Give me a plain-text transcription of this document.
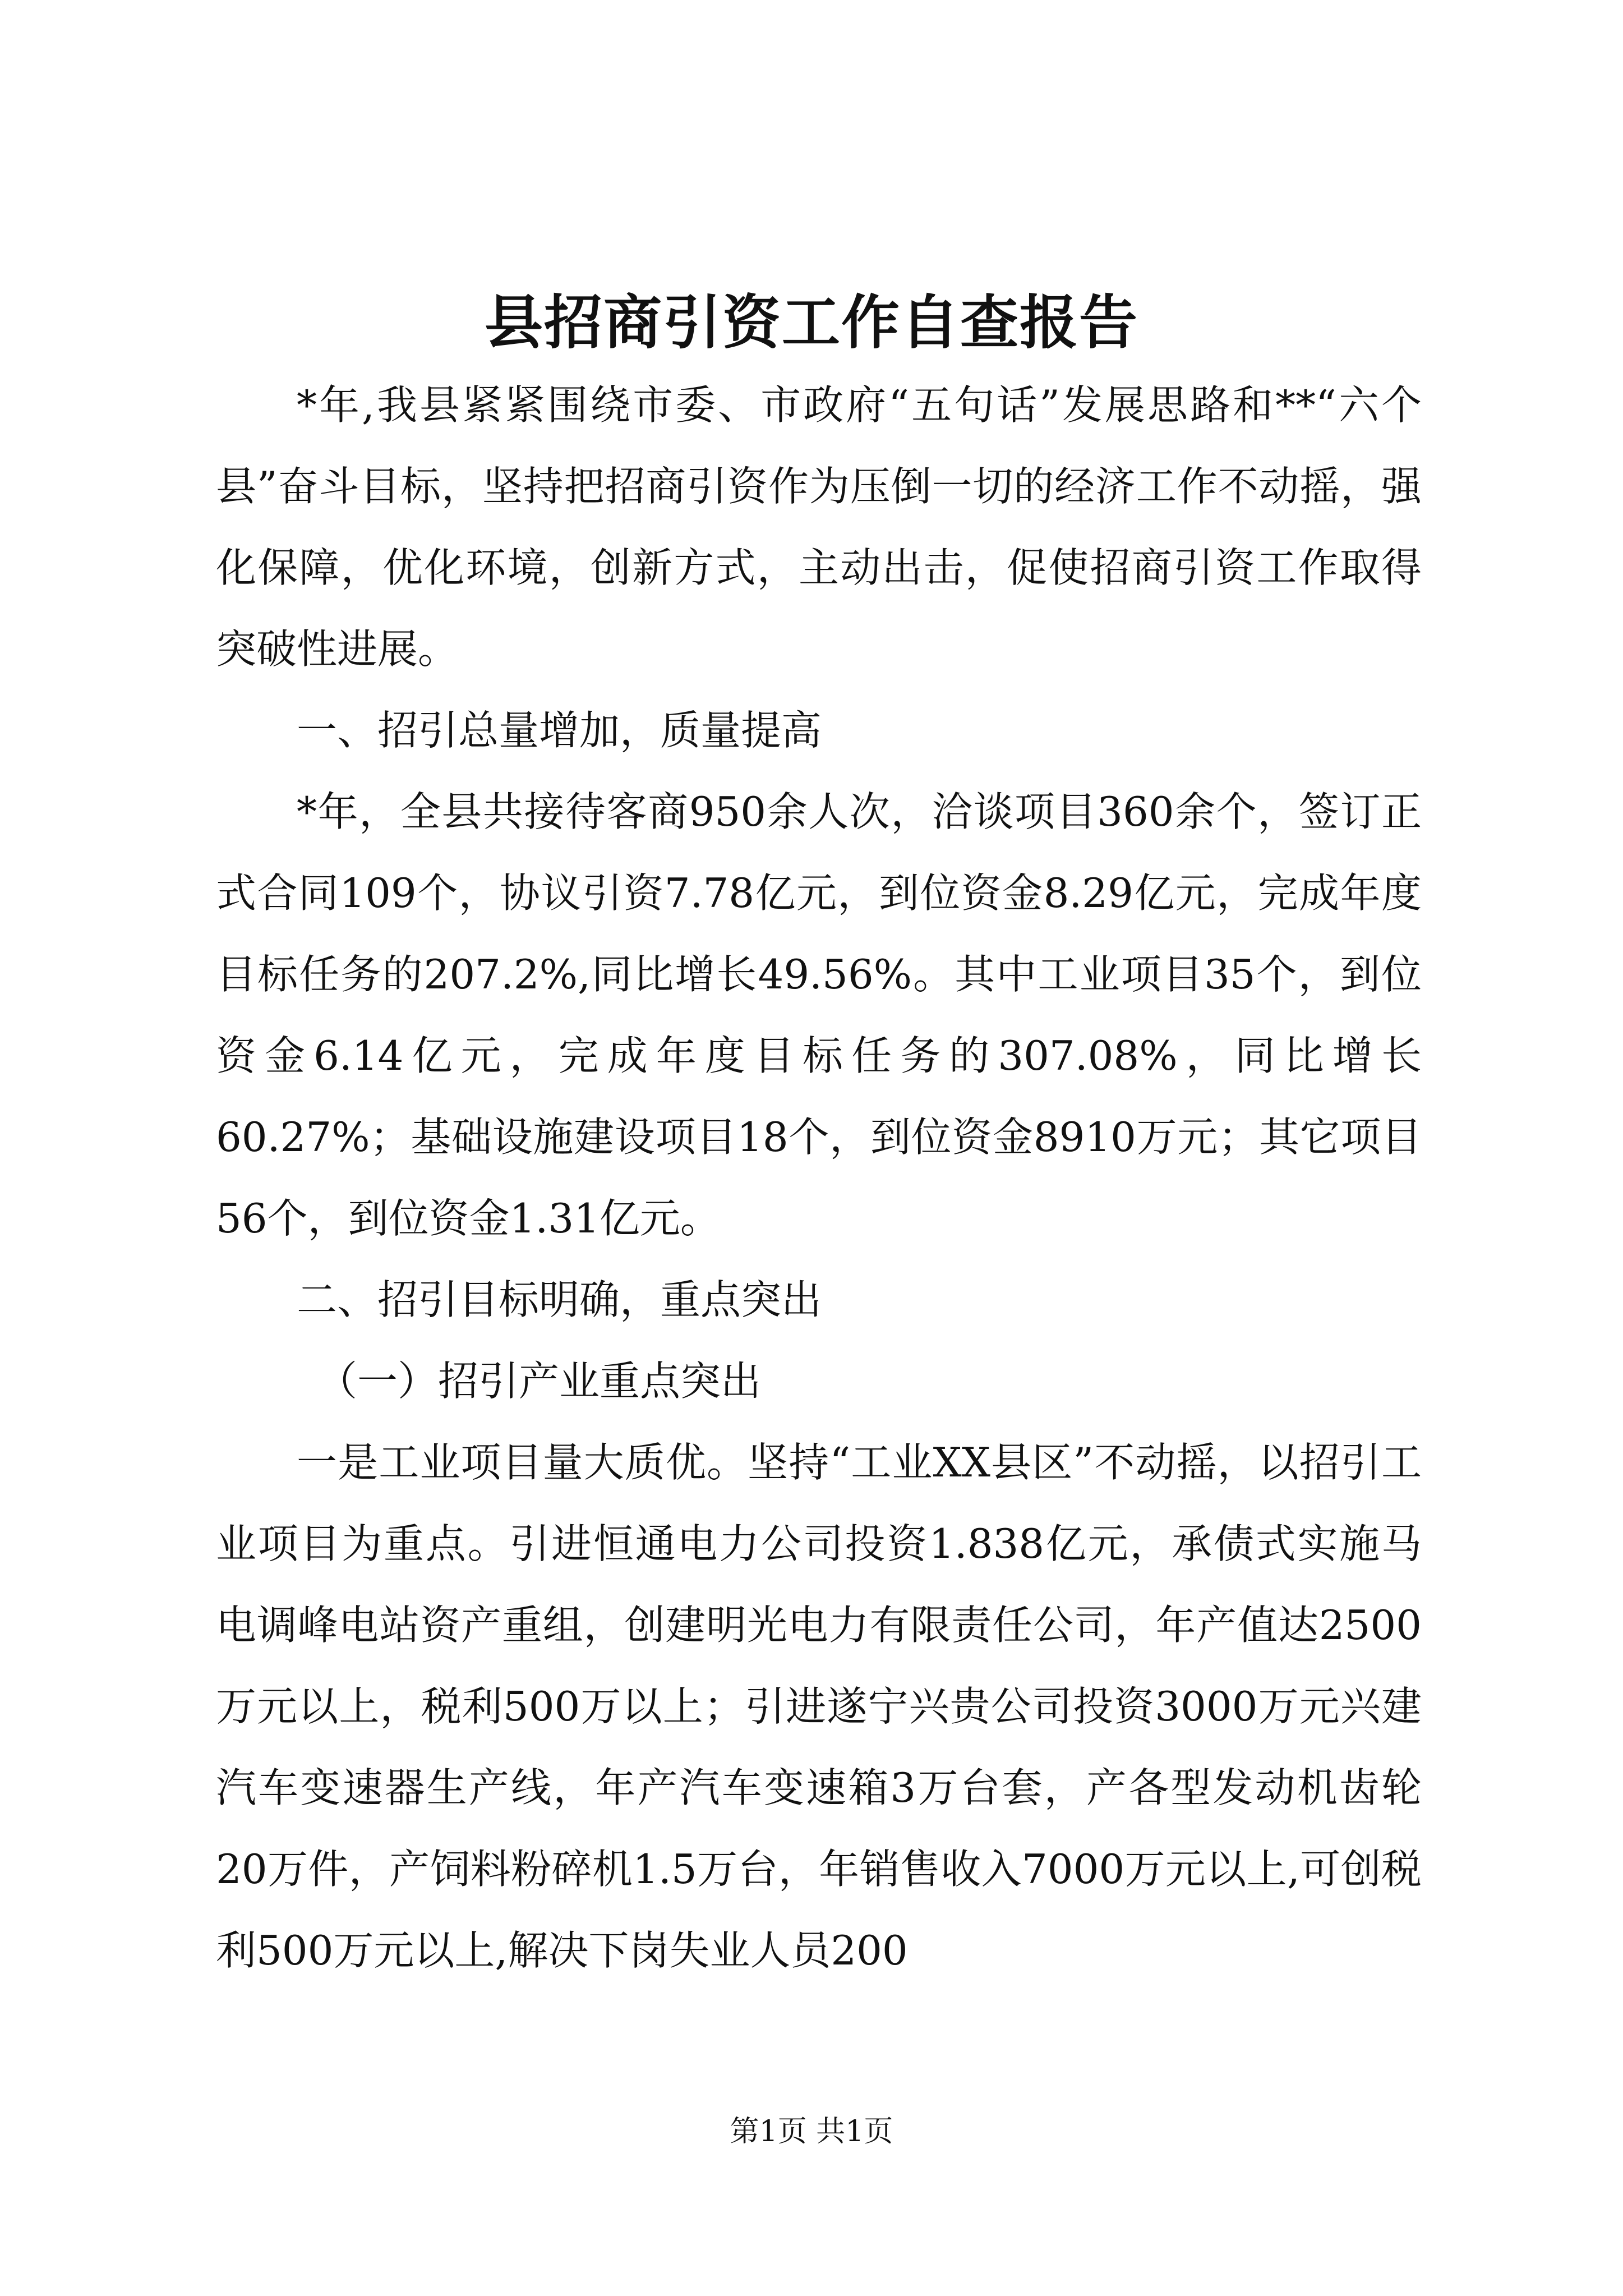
县招商引资工作自查报告

*年,我县紧紧围绕市委、市政府“五句话”发展思路和**“六个县”奋斗目标，坚持把招商引资作为压倒一切的经济工作不动摇，强化保障，优化环境，创新方式，主动出击，促使招商引资工作取得突破性进展。

一、招引总量增加，质量提高

*年，全县共接待客商950余人次，洽谈项目360余个，签订正式合同109个，协议引资7.78亿元，到位资金8.29亿元，完成年度目标任务的207.2%,同比增长49.56%。其中工业项目35个，到位资金6.14亿元，完成年度目标任务的307.08%，同比增长60.27%；基础设施建设项目18个，到位资金8910万元；其它项目56个，到位资金1.31亿元。

二、招引目标明确，重点突出

（一）招引产业重点突出

一是工业项目量大质优。坚持“工业XX县区”不动摇，以招引工业项目为重点。引进恒通电力公司投资1.838亿元，承债式实施马电调峰电站资产重组，创建明光电力有限责任公司，年产值达2500万元以上，税利500万以上；引进遂宁兴贵公司投资3000万元兴建汽车变速器生产线，年产汽车变速箱3万台套，产各型发动机齿轮20万件，产饲料粉碎机1.5万台，年销售收入7000万元以上,可创税利500万元以上,解决下岗失业人员200

第1页 共1页
